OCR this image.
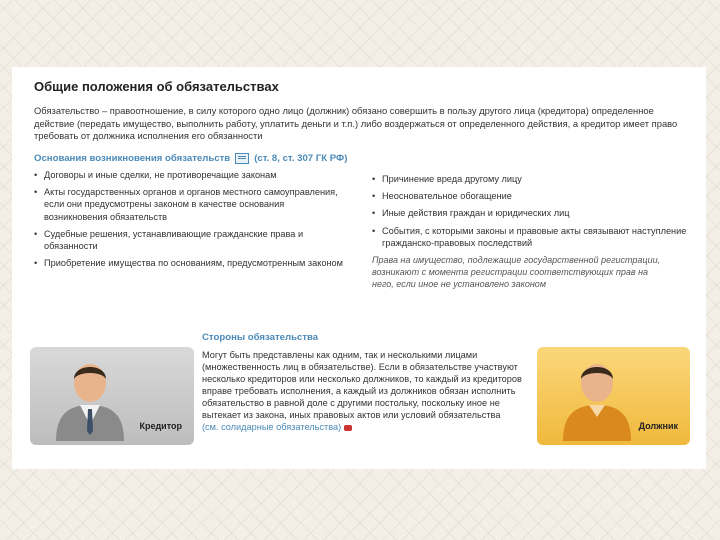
Общие положения об обязательствах

Обязательство – правоотношение, в силу которого одно лицо (должник) обязано совершить в пользу другого лица (кредитора) определенное действие (передать имущество, выполнить работу, уплатить деньги и т.п.) либо воздержаться от определенного действия, а кредитор имеет право требовать от должника исполнения его обязанности

Основания возникновения обязательств	(ст. 8, ст. 307 ГК РФ)
• Договоры и иные сделки, не противоречащие законам
• Акты государственных органов и органов местного самоуправления, если они предусмотрены законом в качестве основания возникновения обязательств
• Судебные решения, устанавливающие гражданские права и обязанности
• Приобретение имущества по основаниям, предусмотренным законом
• Причинение вреда другому лицу
• Неосновательное обогащение
• Иные действия граждан и юридических лиц
• События, с которыми законы и правовые акты связывают наступление гражданско-правовых последствий

Права на имущество, подлежащие государственной регистрации, возникают с момента регистрации соответствующих прав на него, если иное не установлено законом

Кредитор
Стороны обязательства

Могут быть представлены как одним, так и несколькими лицами (множественность лиц в обязательстве). Если в обязательстве участвуют несколько кредиторов или несколько должников, то каждый из кредиторов вправе требовать исполнения, а каждый из должников обязан исполнить обязательство в равной доле с другими постольку, поскольку иное не вытекает из закона, иных правовых актов или условий обязательства
(см. солидарные обязательства)	Должник
